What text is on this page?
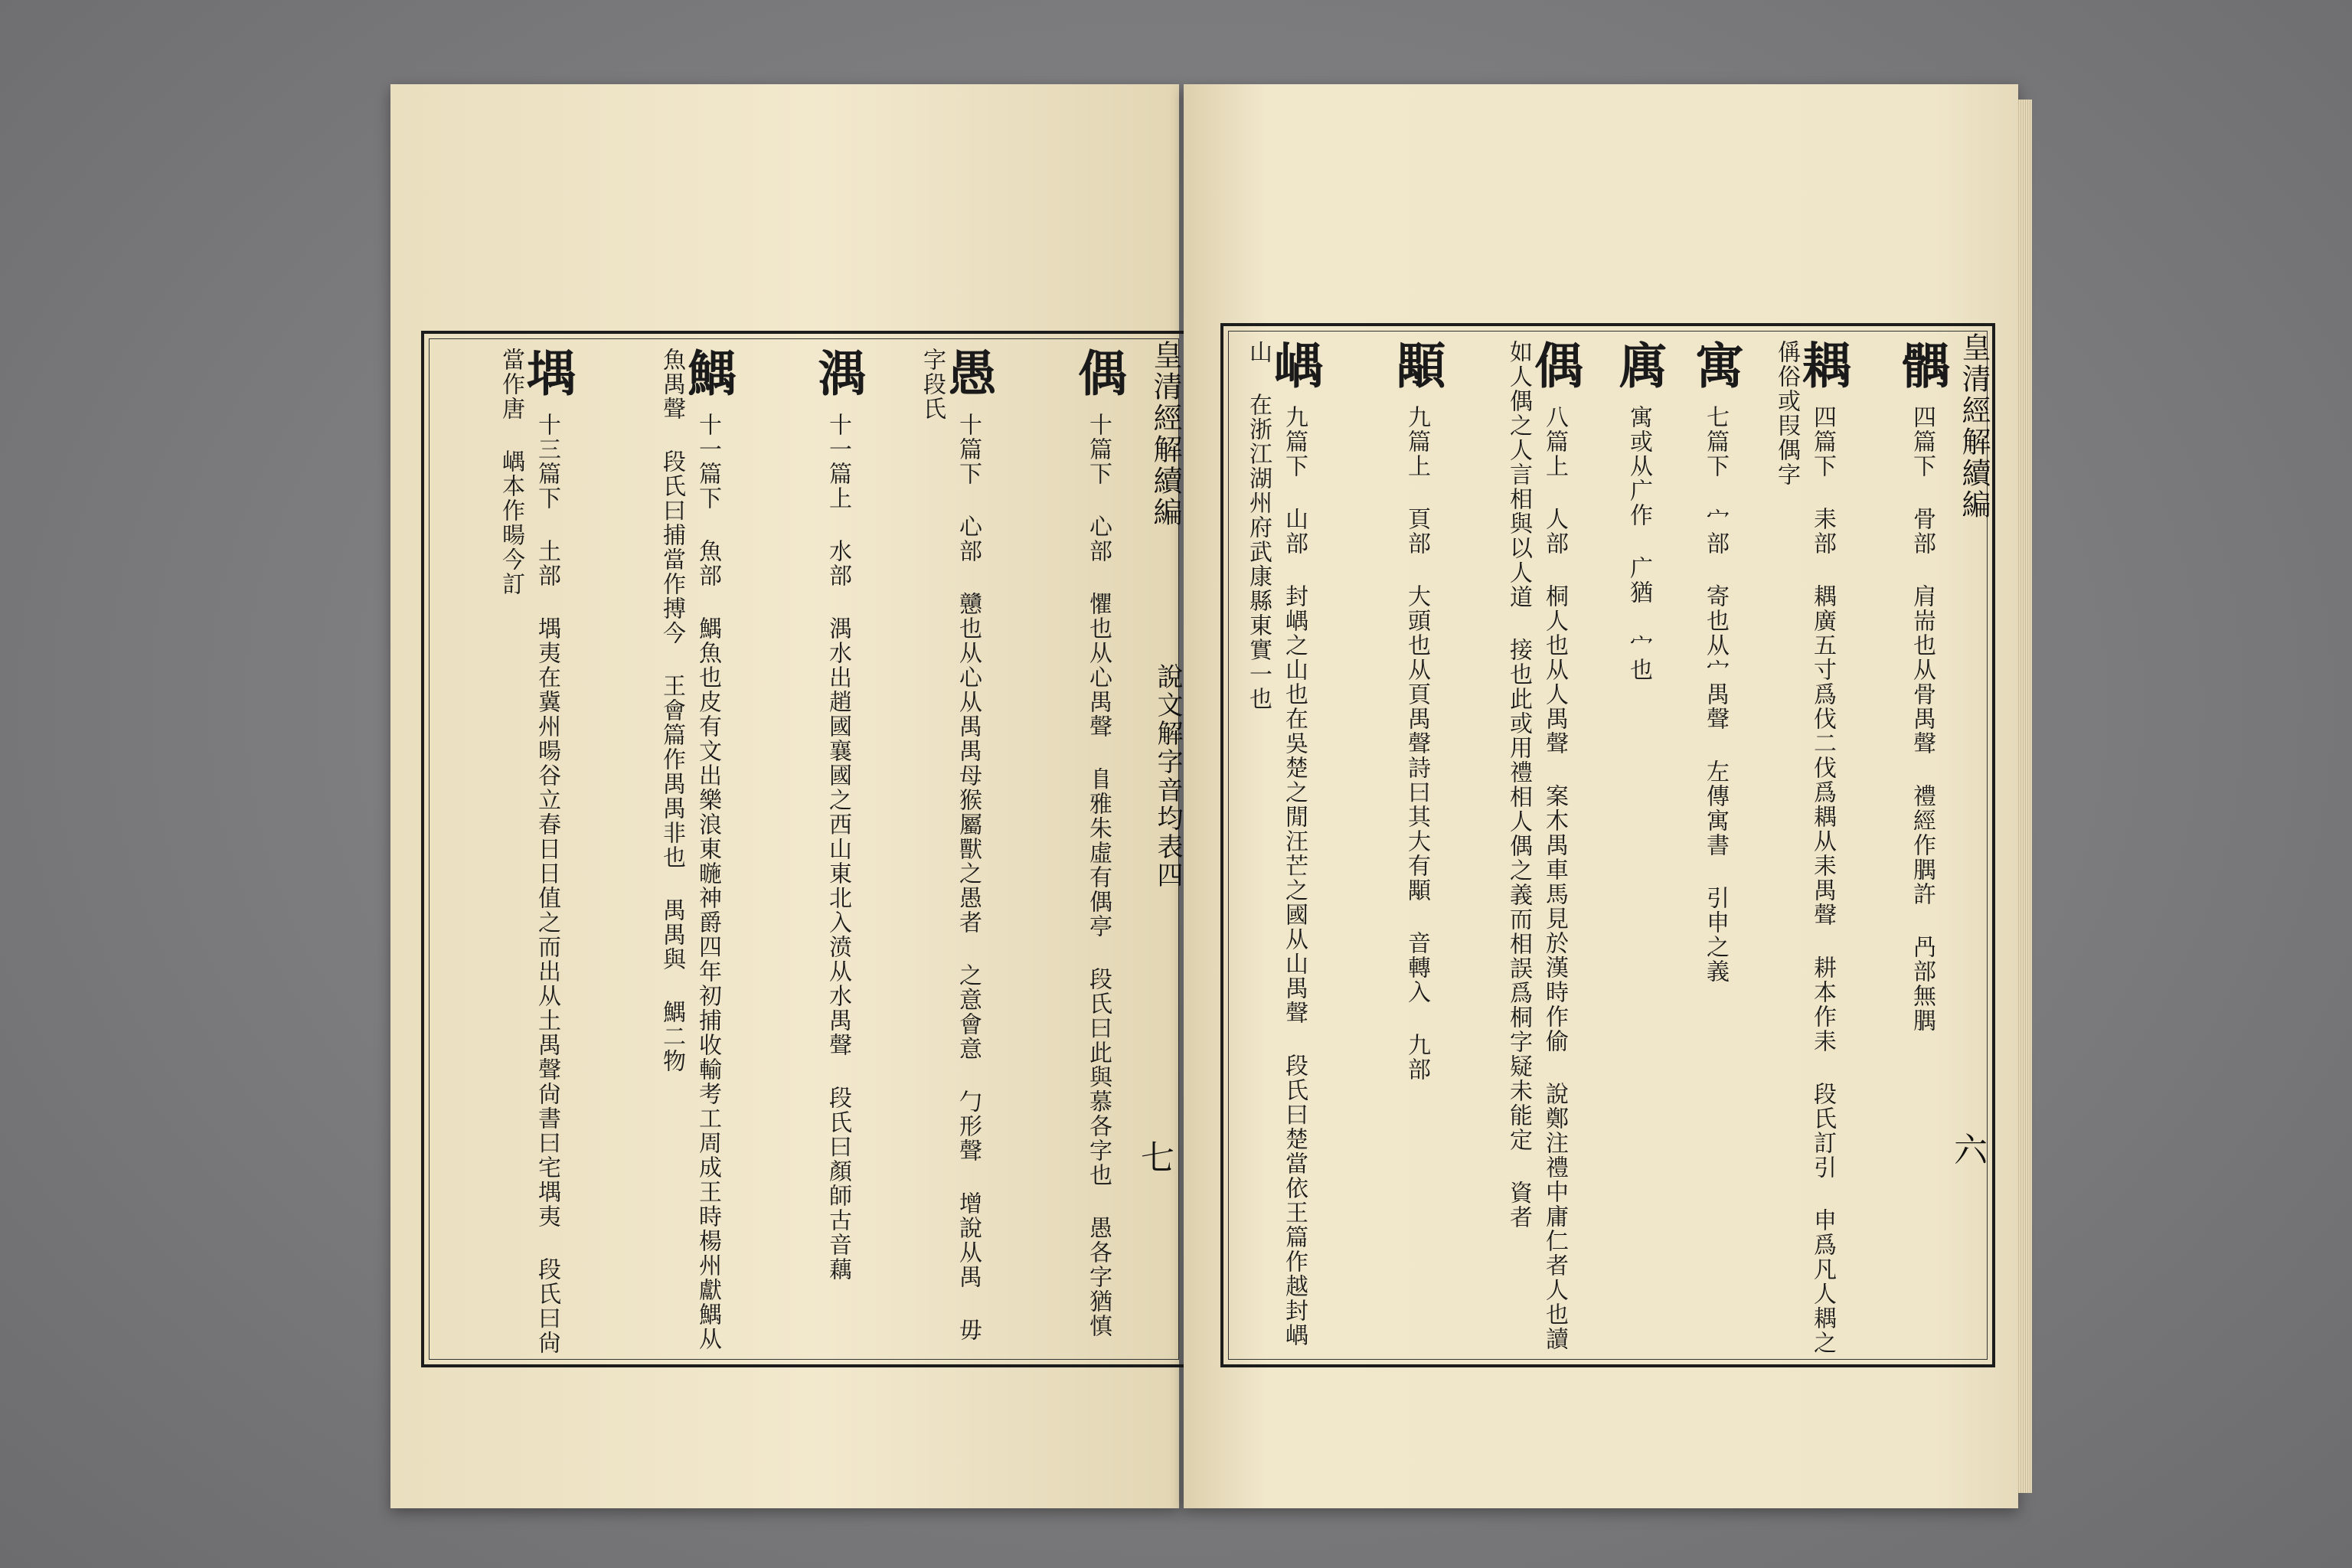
皇清經解續編
說文解字音均表四
七
偶 十篇下 心部 懼也从心禺聲 𨸏雅朱虛有偶亭 段氏曰此與慕各字也 愚各字猶慎
愚 十篇下 心部 戇也从心从禺禺母猴屬獸之愚者 之意會意 勹形聲 增說从禺 毋字段氏
湡 十一篇上 水部 湡水出趙國襄國之西山東北入𣸣从水禺聲 段氏曰顏師古音藕
鰅 十一篇下 魚部 鰅魚也皮有文出樂浪東暆神爵四年初捕收輸考工周成王時楊州獻鰅从魚禺聲 段氏曰捕當作搏今 王會篇作禺禺非也 禺禺與 鰅二物
堣 十三篇下 土部 堣夷在冀州暘谷立春日日值之而出从土禺聲尙書曰宅堣夷 段氏曰尙當作唐 嵎本作暘今訂	皇清經解續編
六
髃 四篇下 骨部 肩耑也从骨禺聲 禮經作腢許 冎部無腢
耦 四篇下 耒部 耦廣五寸爲伐二伐爲耦从耒禺聲 耕本作耒 段氏訂引 申爲凡人耦之 偁俗或叚偶字
寓 七篇下 宀部 寄也从宀禺聲 左傳寓書 引申之義
庽 寓或从广作 广猶 宀也
偶 八篇上 人部 桐人也从人禺聲 案木禺車馬見於漢時作偷 說鄭注禮中庸仁者人也讀如人偶之人言相與以人道 接也此或用禮相人偶之義而相誤爲桐字疑未能定 資者
顒 九篇上 頁部 大頭也从頁禺聲詩曰其大有顒 音轉入 九部
嵎 九篇下 山部 封嵎之山也在吳楚之閒汪芒之國从山禺聲 段氏曰楚當依王篇作越封嵎山 在浙江湖州府武康縣東實一也
